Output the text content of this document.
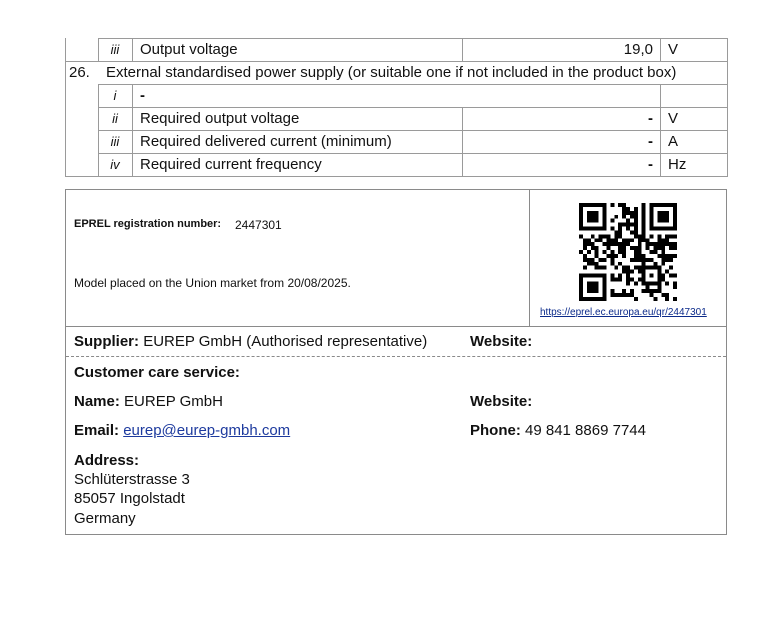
iii	Output voltage	19,0	V
26.	External standardised power supply (or suitable one if not included in the product box)
i	-
ii	Required output voltage	-	V
iii	Required delivered current (minimum)	-	A
iv	Required current frequency	-	Hz
EPREL registration number: 2447301
Model placed on the Union market from 20/08/2025.
https://eprel.ec.europa.eu/qr/2447301
Supplier: EUREP GmbH (Authorised representative)	Website:
Customer care service:
Name: EUREP GmbH	Website:
Email: eurep@eurep-gmbh.com	Phone: 49 841 8869 7744
Address:
Schlüterstrasse 3
85057 Ingolstadt
Germany
